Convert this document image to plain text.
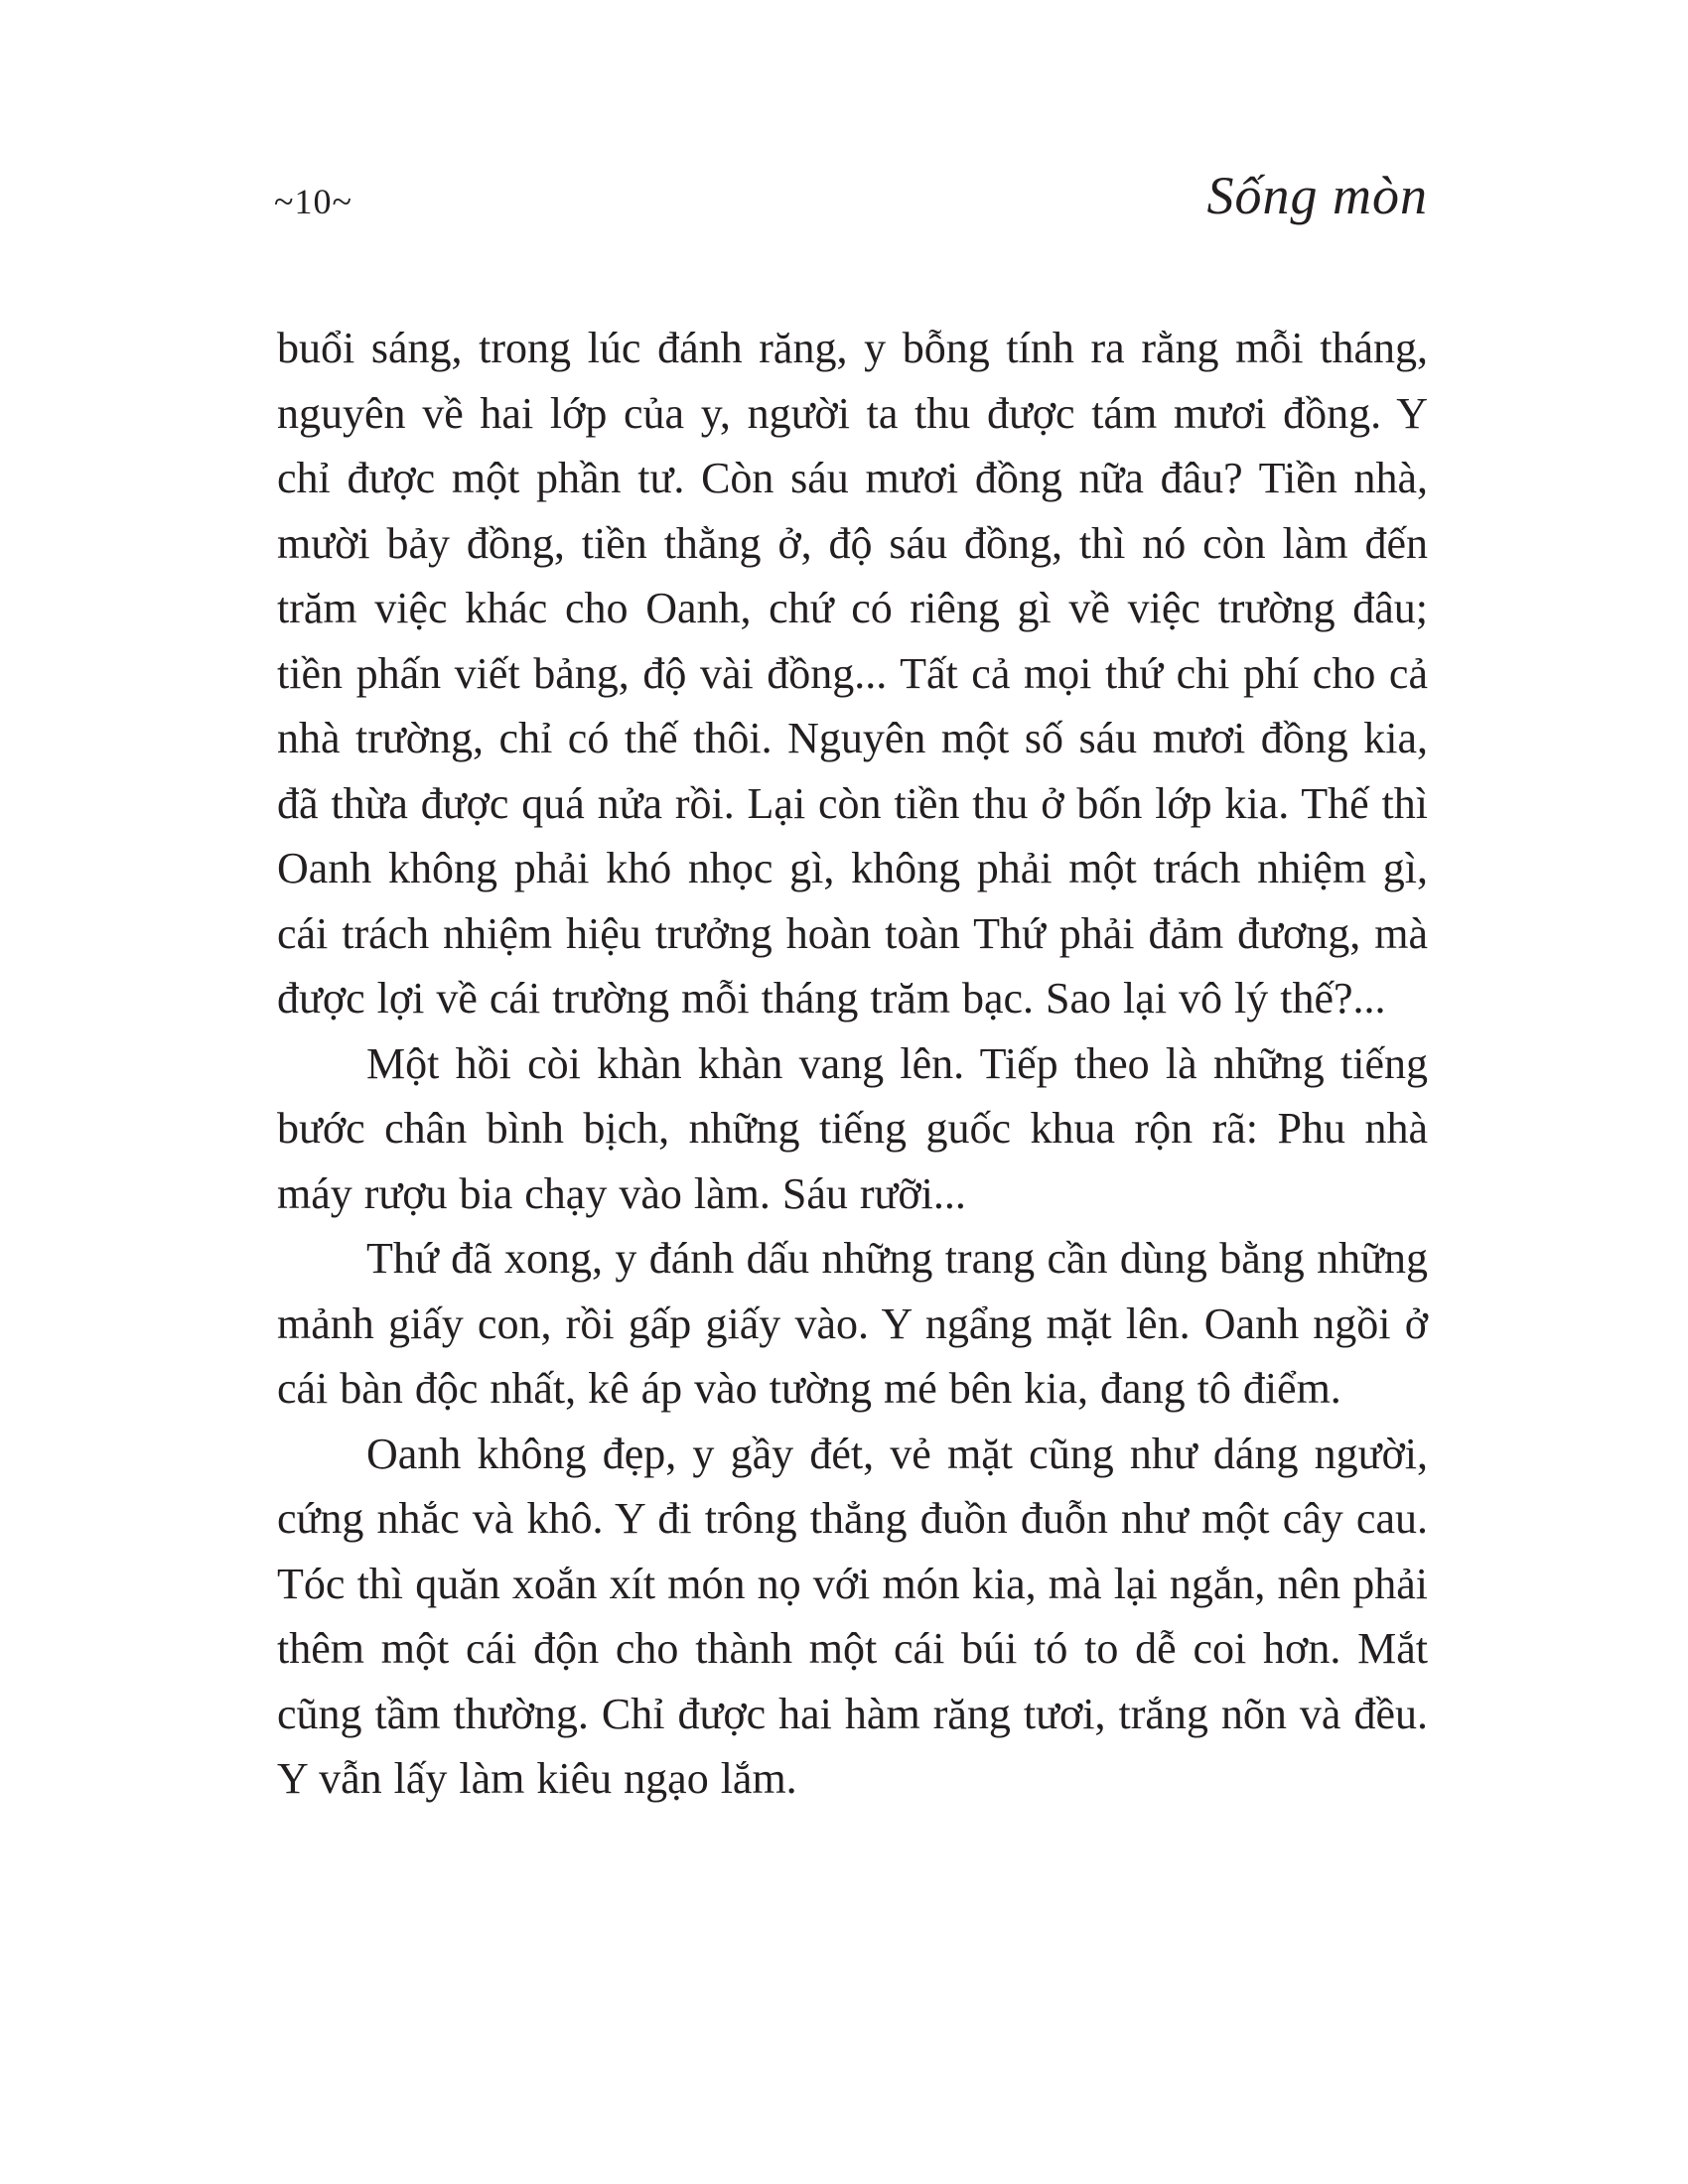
~10~	Sống mòn

buổi sáng, trong lúc đánh răng, y bỗng tính ra rằng mỗi tháng, nguyên về hai lớp của y, người ta thu được tám mươi đồng. Y chỉ được một phần tư. Còn sáu mươi đồng nữa đâu? Tiền nhà, mười bảy đồng, tiền thằng ở, độ sáu đồng, thì nó còn làm đến trăm việc khác cho Oanh, chứ có riêng gì về việc trường đâu; tiền phấn viết bảng, độ vài đồng... Tất cả mọi thứ chi phí cho cả nhà trường, chỉ có thế thôi. Nguyên một số sáu mươi đồng kia, đã thừa được quá nửa rồi. Lại còn tiền thu ở bốn lớp kia. Thế thì Oanh không phải khó nhọc gì, không phải một trách nhiệm gì, cái trách nhiệm hiệu trưởng hoàn toàn Thứ phải đảm đương, mà được lợi về cái trường mỗi tháng trăm bạc. Sao lại vô lý thế?...

Một hồi còi khàn khàn vang lên. Tiếp theo là những tiếng bước chân bình bịch, những tiếng guốc khua rộn rã: Phu nhà máy rượu bia chạy vào làm. Sáu rưỡi...

Thứ đã xong, y đánh dấu những trang cần dùng bằng những mảnh giấy con, rồi gấp giấy vào. Y ngẩng mặt lên. Oanh ngồi ở cái bàn độc nhất, kê áp vào tường mé bên kia, đang tô điểm.

Oanh không đẹp, y gầy đét, vẻ mặt cũng như dáng người, cứng nhắc và khô. Y đi trông thẳng đuồn đuỗn như một cây cau. Tóc thì quăn xoắn xít món nọ với món kia, mà lại ngắn, nên phải thêm một cái độn cho thành một cái búi tó to dễ coi hơn. Mắt cũng tầm thường. Chỉ được hai hàm răng tươi, trắng nõn và đều. Y vẫn lấy làm kiêu ngạo lắm.
